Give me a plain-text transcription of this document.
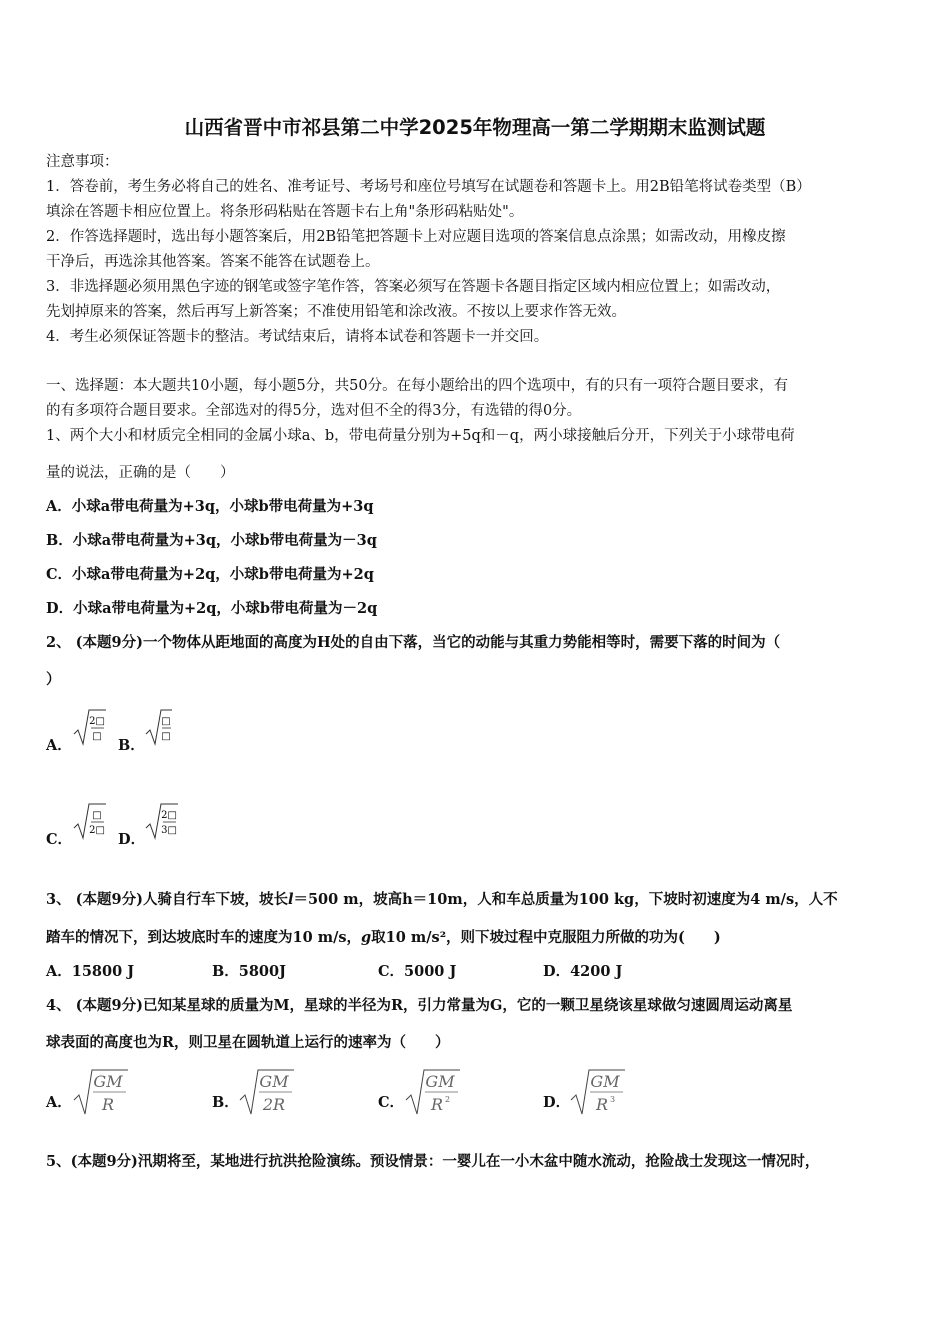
山西省晋中市祁县第二中学2025年物理高一第二学期期末监测试题
注意事项：
1．答卷前，考生务必将自己的姓名、准考证号、考场号和座位号填写在试题卷和答题卡上。用2B铅笔将试卷类型（B）
填涂在答题卡相应位置上。将条形码粘贴在答题卡右上角"条形码粘贴处"。
2．作答选择题时，选出每小题答案后，用2B铅笔把答题卡上对应题目选项的答案信息点涂黑；如需改动，用橡皮擦
干净后，再选涂其他答案。答案不能答在试题卷上。
3．非选择题必须用黑色字迹的钢笔或签字笔作答，答案必须写在答题卡各题目指定区域内相应位置上；如需改动，
先划掉原来的答案，然后再写上新答案；不准使用铅笔和涂改液。不按以上要求作答无效。
4．考生必须保证答题卡的整洁。考试结束后，请将本试卷和答题卡一并交回。
一、选择题：本大题共10小题，每小题5分，共50分。在每小题给出的四个选项中，有的只有一项符合题目要求，有
的有多项符合题目要求。全部选对的得5分，选对但不全的得3分，有选错的得0分。
1、两个大小和材质完全相同的金属小球a、b，带电荷量分别为+5q和－q，两小球接触后分开，下列关于小球带电荷
量的说法，正确的是（　　）
A．小球a带电荷量为+3q，小球b带电荷量为+3q
B．小球a带电荷量为+3q，小球b带电荷量为－3q
C．小球a带电荷量为+2q，小球b带电荷量为+2q
D．小球a带电荷量为+2q，小球b带电荷量为－2q
2、 (本题9分)一个物体从距地面的高度为H处的自由下落，当它的动能与其重力势能相等时，需要下落的时间为（
）
A．
2□
□
B．
□
□
C．
□
2□
D．
2□
3□
3、 (本题9分)人骑自行车下坡，坡长l＝500 m，坡高h＝10m，人和车总质量为100 kg，下坡时初速度为4 m/s，人不
踏车的情况下，到达坡底时车的速度为10 m/s，g取10 m/s²，则下坡过程中克服阻力所做的功为(　　)
A．15800 J	B．5800J	C．5000 J	D．4200 J
4、 (本题9分)已知某星球的质量为M，星球的半径为R，引力常量为G，它的一颗卫星绕该星球做匀速圆周运动离星
球表面的高度也为R，则卫星在圆轨道上运行的速率为（　　）
A．
GM
R	B．
GM
2R	C．
GM
R 2	D．
GM
R 3
5、(本题9分)汛期将至，某地进行抗洪抢险演练。预设情景：一婴儿在一小木盆中随水流动，抢险战士发现这一情况时，
